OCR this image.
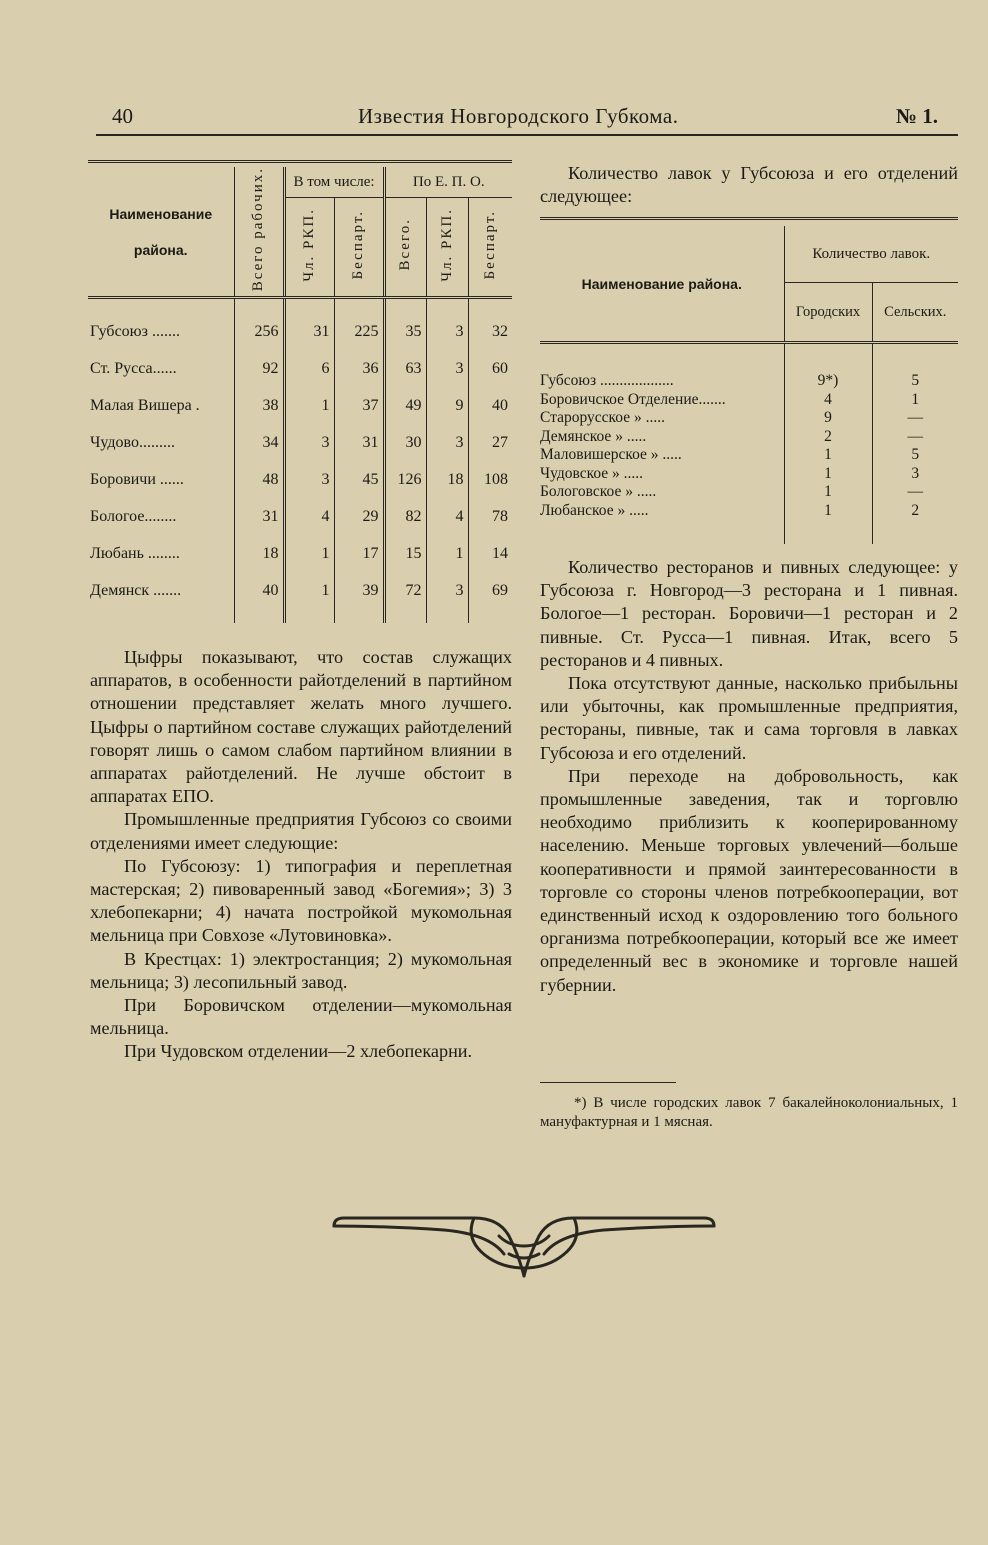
40	Известия Новгородского Губкома.	№ 1.
Наименование района.	Всего рабочих.	В том числе:		По Е. П. О.		
		Чл. РКП.	Беспарт.	Всего.	Чл. РКП.	Беспарт.

Губсоюз .......	256	31	225	35	3	32
Ст. Русса......	92	6	36	63	3	60
Малая Вишера .	38	1	37	49	9	40
Чудово.........	34	3	31	30	3	27
Боровичи ......	48	3	45	126	18	108
Бологое........	31	4	29	82	4	78
Любань ........	18	1	17	15	1	14
Демянск .......	40	1	39	72	3	69

Цыфры показывают, что состав служащих аппаратов, в особенности райотделений в партийном отношении представляет желать много лучшего. Цыфры о партийном составе служащих райотделений говорят лишь о самом слабом партийном влиянии в аппаратах райотделений. Не лучше обстоит в аппаратах ЕПО.

Промышленные предприятия Губсоюз со своими отделениями имеет следующие:

По Губсоюзу: 1) типография и переплетная мастерская; 2) пивоваренный завод «Богемия»; 3) 3 хлебопекарни; 4) начата постройкой мукомольная мельница при Совхозе «Лутовиновка».

В Крестцах: 1) электростанция; 2) мукомольная мельница; 3) лесопильный завод.

При Боровичском отделении—мукомольная мельница.

При Чудовском отделении—2 хлебопекарни.

Количество лавок у Губсоюза и его отделений следующее:

Наименование района.	Количество лавок.	
	Городских	Сельских.

Губсоюз ...................	9*)	5
Боровичское Отделение.......	4	1
Старорусское » .....	9	—
Демянское » .....	2	—
Маловишерское » .....	1	5
Чудовское » .....	1	3
Бологовское » .....	1	—
Любанское » .....	1	2

Количество ресторанов и пивных следующее: у Губсоюза г. Новгород—3 ресторана и 1 пивная. Бологое—1 ресторан. Боровичи—1 ресторан и 2 пивные. Ст. Русса—1 пивная. Итак, всего 5 ресторанов и 4 пивных.

Пока отсутствуют данные, насколько прибыльны или убыточны, как промышленные предприятия, рестораны, пивные, так и сама торговля в лавках Губсоюза и его отделений.

При переходе на добровольность, как промышленные заведения, так и торговлю необходимо приблизить к кооперированному населению. Меньше торговых увлечений—больше кооперативности и прямой заинтересованности в торговле со стороны членов потребкооперации, вот единственный исход к оздоровлению того больного организма потребкооперации, который все же имеет определенный вес в экономике и торговле нашей губернии.

*) В числе городских лавок 7 бакалейноколониальных, 1 мануфактурная и 1 мясная.
